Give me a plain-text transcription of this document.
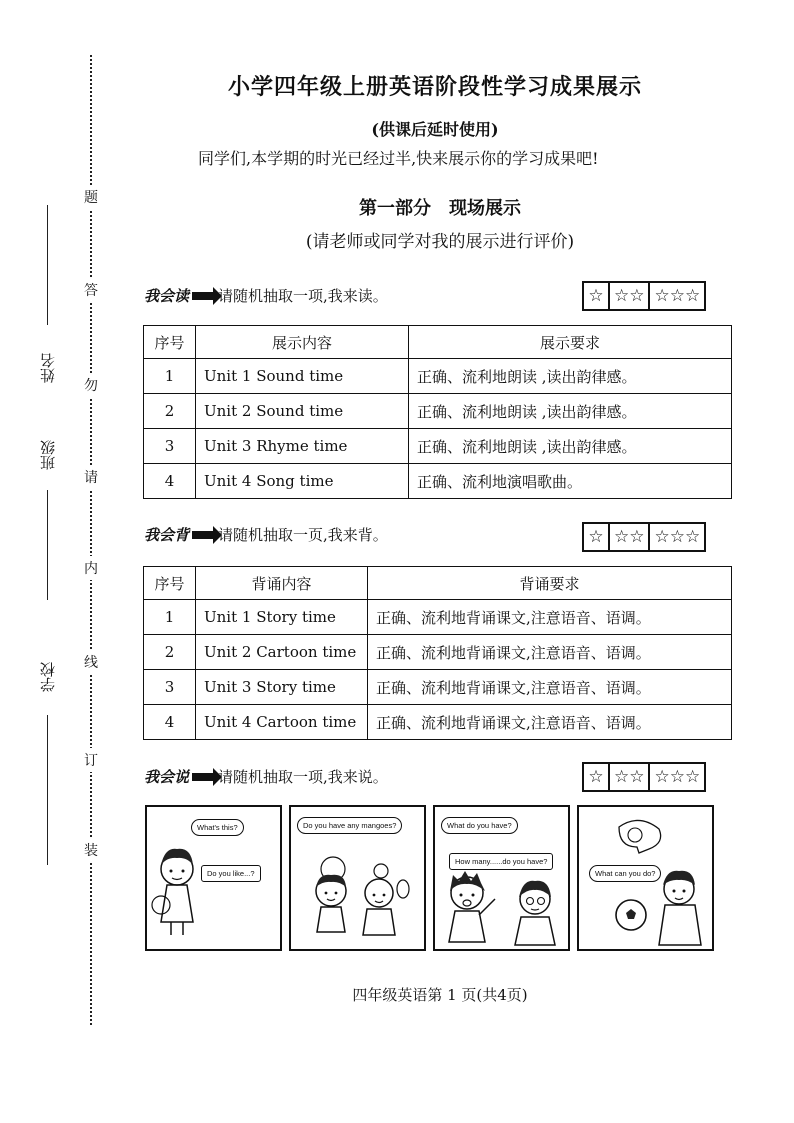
题
答
勿
请
内
线
订
装
姓名
班级
学校
小学四年级上册英语阶段性学习成果展示
(供课后延时使用)
同学们,本学期的时光已经过半,快来展示你的学习成果吧!
第一部分　现场展示
(请老师或同学对我的展示进行评价)
我会读 请随机抽取一项,我来读。	☆ ☆☆ ☆☆☆
序号	展示内容	展示要求
1	Unit 1 Sound time	正确、流利地朗读 ,读出韵律感。
2	Unit 2 Sound time	正确、流利地朗读 ,读出韵律感。
3	Unit 3 Rhyme time	正确、流利地朗读 ,读出韵律感。
4	Unit 4 Song time	正确、流利地演唱歌曲。
我会背 请随机抽取一页,我来背。	☆ ☆☆ ☆☆☆
序号	背诵内容	背诵要求
1	Unit 1 Story time	正确、流利地背诵课文,注意语音、语调。
2	Unit 2 Cartoon time	正确、流利地背诵课文,注意语音、语调。
3	Unit 3 Story time	正确、流利地背诵课文,注意语音、语调。
4	Unit 4 Cartoon time	正确、流利地背诵课文,注意语音、语调。
我会说 请随机抽取一项,我来说。	☆ ☆☆ ☆☆☆
What's this?
Do you like...?
Do you have any mangoes?	What do you have?
How many......do you have?
What can you do?
四年级英语第 1 页(共4页)
